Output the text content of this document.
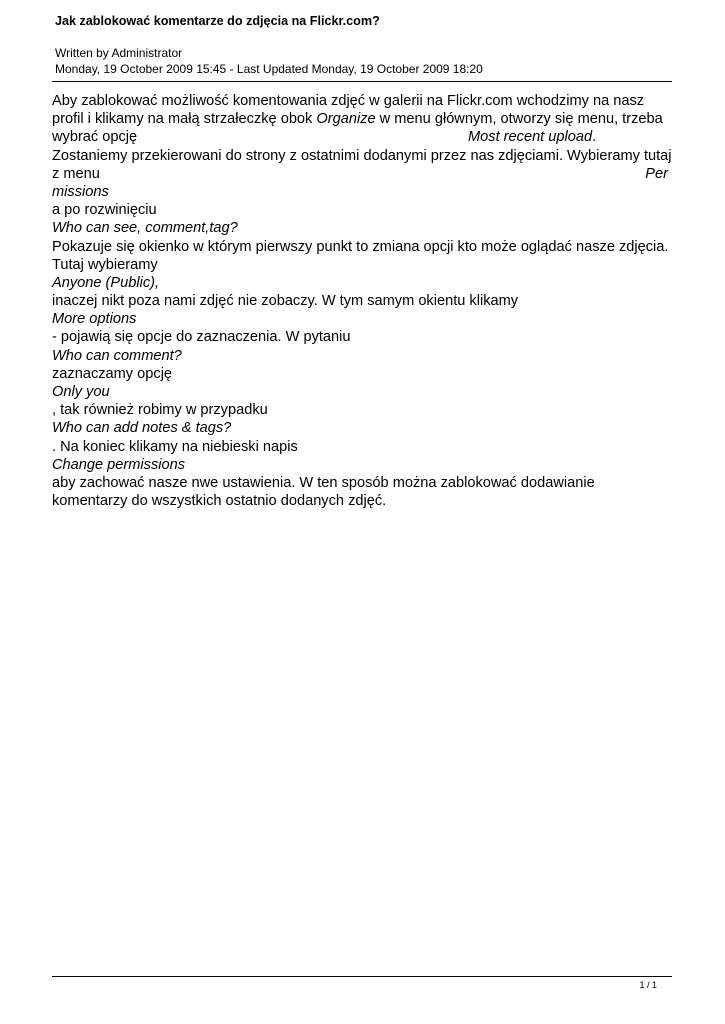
Jak zablokować komentarze do zdjęcia na Flickr.com?
Written by Administrator
Monday, 19 October 2009 15:45 - Last Updated Monday, 19 October 2009 18:20
Aby zablokować możliwość komentowania zdjęć w galerii na Flickr.com wchodzimy na nasz
profil i klikamy na małą strzałeczkę obok Organize w menu głównym, otworzy się menu, trzeba
wybrać opcję	Most recent upload.
Zostaniemy przekierowani do strony z ostatnimi dodanymi przez nas zdjęciami. Wybieramy tutaj
z menu	Per
missions
a po rozwinięciu
Who can see, comment,tag?
Pokazuje się okienko w którym pierwszy punkt to zmiana opcji kto może oglądać nasze zdjęcia.
Tutaj wybieramy
Anyone (Public),
inaczej nikt poza nami zdjęć nie zobaczy. W tym samym okientu klikamy
More options
- pojawią się opcje do zaznaczenia. W pytaniu
Who can comment?
zaznaczamy opcję
Only you
, tak również robimy w przypadku
Who can add notes & tags?
. Na koniec klikamy na niebieski napis
Change permissions
aby zachować nasze nwe ustawienia. W ten sposób można zablokować dodawianie
komentarzy do wszystkich ostatnio dodanych zdjęć.
1 / 1
